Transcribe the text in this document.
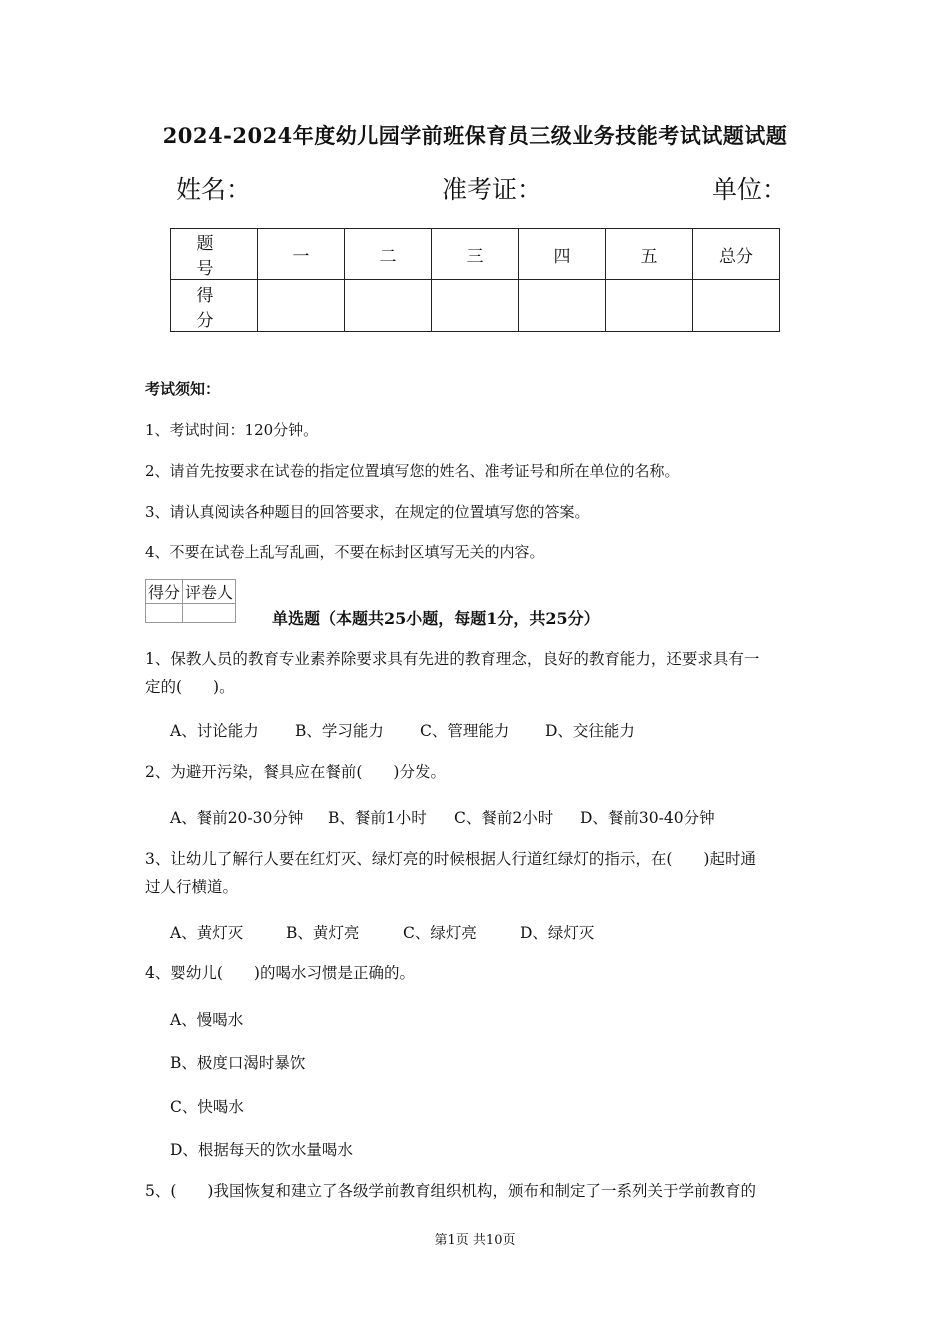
2024-2024年度幼儿园学前班保育员三级业务技能考试试题试题
姓名：	准考证：	单位：
题　号	一	二	三	四	五	总分
得　分						
考试须知：
1、考试时间：120分钟。
2、请首先按要求在试卷的指定位置填写您的姓名、准考证号和所在单位的名称。
3、请认真阅读各种题目的回答要求，在规定的位置填写您的答案。
4、不要在试卷上乱写乱画，不要在标封区填写无关的内容。
得分	评卷人

单选题（本题共25小题，每题1分，共25分）
1、保教人员的教育专业素养除要求具有先进的教育理念，良好的教育能力，还要求具有一
定的(　　)。
A、讨论能力 B、学习能力 C、管理能力 D、交往能力
2、为避开污染，餐具应在餐前(　　)分发。
A、餐前20-30分钟 B、餐前1小时 C、餐前2小时 D、餐前30-40分钟
3、让幼儿了解行人要在红灯灭、绿灯亮的时候根据人行道红绿灯的指示，在(　　)起时通
过人行横道。
A、黄灯灭	B、黄灯亮	C、绿灯亮	D、绿灯灭
4、婴幼儿(　　)的喝水习惯是正确的。
A、慢喝水
B、极度口渴时暴饮
C、快喝水
D、根据每天的饮水量喝水
5、(　　)我国恢复和建立了各级学前教育组织机构，颁布和制定了一系列关于学前教育的
第1页 共10页
